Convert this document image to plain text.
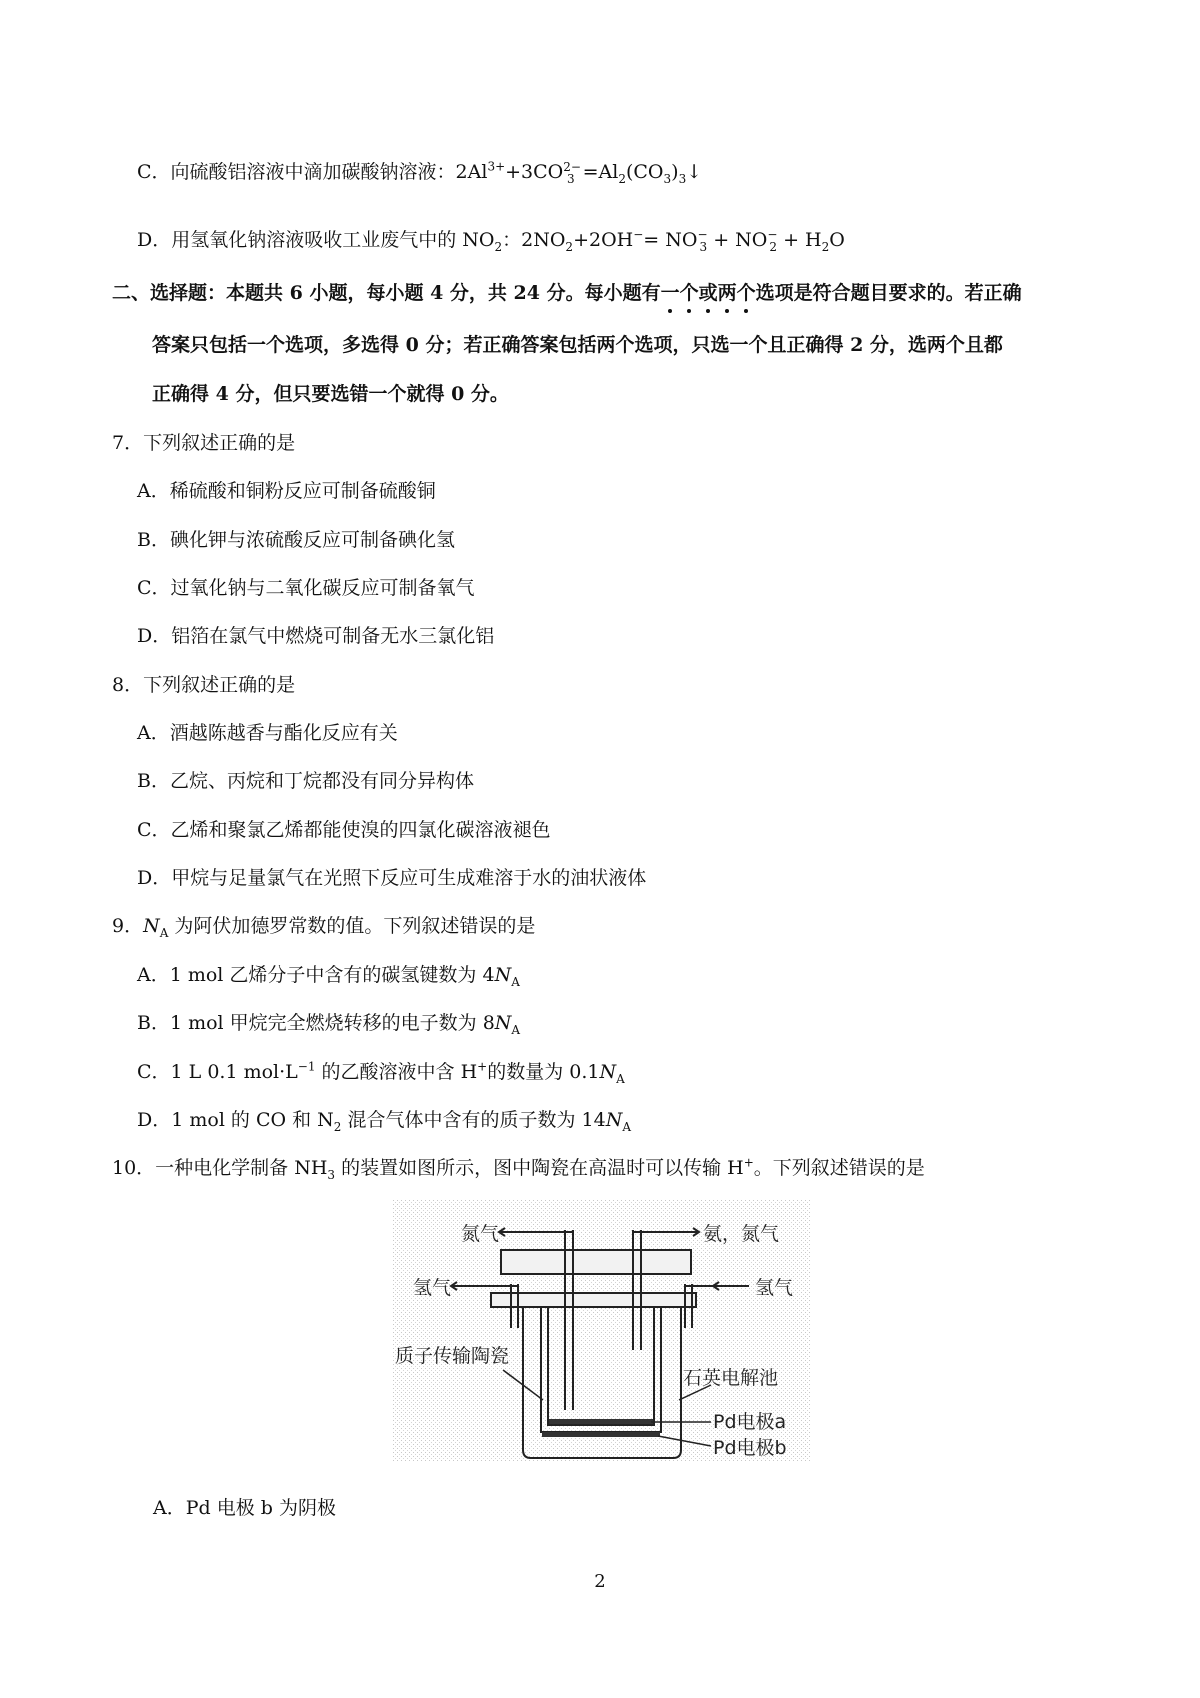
C．向硫酸铝溶液中滴加碳酸钠溶液：$2Al^{3+}+3CO^{2-}_3$ $=Al_2(CO_3)_3↓$
D．用氢氧化钠溶液吸收工业废气中的 $NO_2$：$2NO_2+2OH^-= NO^-_3 + NO^-_2 + H_2O$
二、选择题：本题共 6 小题，每小题 4 分，共 24 分。每小题有一个或两个选项是符合题目要求的。若正确
答案只包括一个选项，多选得 0 分；若正确答案包括两个选项，只选一个且正确得 2 分，选两个且都
正确得 4 分，但只要选错一个就得 0 分。
7．下列叙述正确的是
A．稀硫酸和铜粉反应可制备硫酸铜
B．碘化钾与浓硫酸反应可制备碘化氢
C．过氧化钠与二氧化碳反应可制备氧气
D．铝箔在氯气中燃烧可制备无水三氯化铝
8．下列叙述正确的是
A．酒越陈越香与酯化反应有关
B．乙烷、丙烷和丁烷都没有同分异构体
C．乙烯和聚氯乙烯都能使溴的四氯化碳溶液褪色
D．甲烷与足量氯气在光照下反应可生成难溶于水的油状液体
9．$N_A$ 为阿伏加德罗常数的值。下列叙述错误的是
A．1 mol 乙烯分子中含有的碳氢键数为 $4N_A$
B．1 mol 甲烷完全燃烧转移的电子数为 $8N_A$
C．1 L 0.1 $mol\cdot L^{-1}$ 的乙酸溶液中含 H+的数量为 $0.1N_A$
D．1 mol 的 CO 和 $N_2$ 混合气体中含有的质子数为 $14N_A$
10．一种电化学制备 $NH_3$ 的装置如图所示，图中陶瓷在高温时可以传输 H+。下列叙述错误的是
氮气	氨，氮气
氢气	氢气
质子传输陶瓷
石英电解池
Pd电极a
Pd电极b
A．Pd 电极 b 为阴极
2
